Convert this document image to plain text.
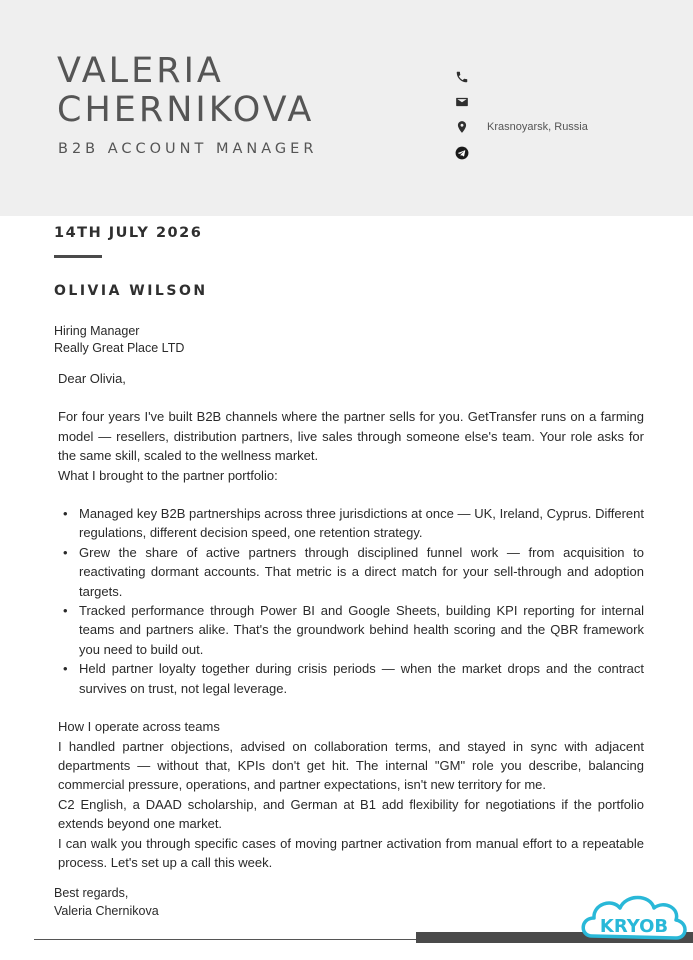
VALERIA
CHERNIKOVA
B2B ACCOUNT MANAGER
Krasnoyarsk, Russia
14TH JULY 2026
OLIVIA WILSON
Hiring Manager
Really Great Place LTD

Dear Olivia,

For four years I've built B2B channels where the partner sells for you. GetTransfer runs on a farming model — resellers, distribution partners, live sales through someone else's team. Your role asks for the same skill, scaled to the wellness market.

What I brought to the partner portfolio:

• Managed key B2B partnerships across three jurisdictions at once — UK, Ireland, Cyprus. Different regulations, different decision speed, one retention strategy.
• Grew the share of active partners through disciplined funnel work — from acquisition to reactivating dormant accounts. That metric is a direct match for your sell-through and adoption targets.
• Tracked performance through Power BI and Google Sheets, building KPI reporting for internal teams and partners alike. That's the groundwork behind health scoring and the QBR framework you need to build out.
• Held partner loyalty together during crisis periods — when the market drops and the contract survives on trust, not legal leverage.

How I operate across teams

I handled partner objections, advised on collaboration terms, and stayed in sync with adjacent departments — without that, KPIs don't get hit. The internal "GM" role you describe, balancing commercial pressure, operations, and partner expectations, isn't new territory for me.

C2 English, a DAAD scholarship, and German at B1 add flexibility for negotiations if the portfolio extends beyond one market.

I can walk you through specific cases of moving partner activation from manual effort to a repeatable process. Let's set up a call this week.

Best regards,
Valeria Chernikova
KRYOB
